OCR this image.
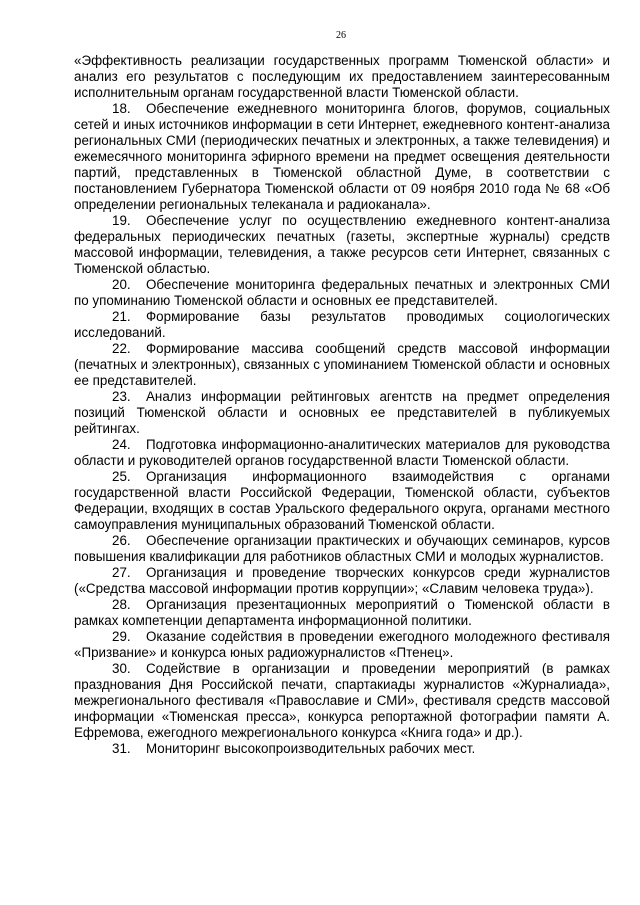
26

«Эффективность реализации государственных программ Тюменской области» и анализ его результатов с последующим их предоставлением заинтересованным исполнительным органам государственной власти Тюменской области.

18. Обеспечение ежедневного мониторинга блогов, форумов, социальных сетей и иных источников информации в сети Интернет, ежедневного контент-анализа региональных СМИ (периодических печатных и электронных, а также телевидения) и ежемесячного мониторинга эфирного времени на предмет освещения деятельности партий, представленных в Тюменской областной Думе, в соответствии с постановлением Губернатора Тюменской области от 09 ноября 2010 года № 68 «Об определении региональных телеканала и радиоканала».

19. Обеспечение услуг по осуществлению ежедневного контент-анализа федеральных периодических печатных (газеты, экспертные журналы) средств массовой информации, телевидения, а также ресурсов сети Интернет, связанных с Тюменской областью.

20. Обеспечение мониторинга федеральных печатных и электронных СМИ по упоминанию Тюменской области и основных ее представителей.

21. Формирование базы результатов проводимых социологических исследований.

22. Формирование массива сообщений средств массовой информации (печатных и электронных), связанных с упоминанием Тюменской области и основных ее представителей.

23. Анализ информации рейтинговых агентств на предмет определения позиций Тюменской области и основных ее представителей в публикуемых рейтингах.

24. Подготовка информационно-аналитических материалов для руководства области и руководителей органов государственной власти Тюменской области.

25. Организация информационного взаимодействия с органами государственной власти Российской Федерации, Тюменской области, субъектов Федерации, входящих в состав Уральского федерального округа, органами местного самоуправления муниципальных образований Тюменской области.

26. Обеспечение организации практических и обучающих семинаров, курсов повышения квалификации для работников областных СМИ и молодых журналистов.

27. Организация и проведение творческих конкурсов среди журналистов («Средства массовой информации против коррупции»; «Славим человека труда»).

28. Организация презентационных мероприятий о Тюменской области в рамках компетенции департамента информационной политики.

29. Оказание содействия в проведении ежегодного молодежного фестиваля «Призвание» и конкурса юных радиожурналистов «Птенец».

30. Содействие в организации и проведении мероприятий (в рамках празднования Дня Российской печати, спартакиады журналистов «Журналиада», межрегионального фестиваля «Православие и СМИ», фестиваля средств массовой информации «Тюменская пресса», конкурса репортажной фотографии памяти А. Ефремова, ежегодного межрегионального конкурса «Книга года» и др.).

31. Мониторинг высокопроизводительных рабочих мест.
